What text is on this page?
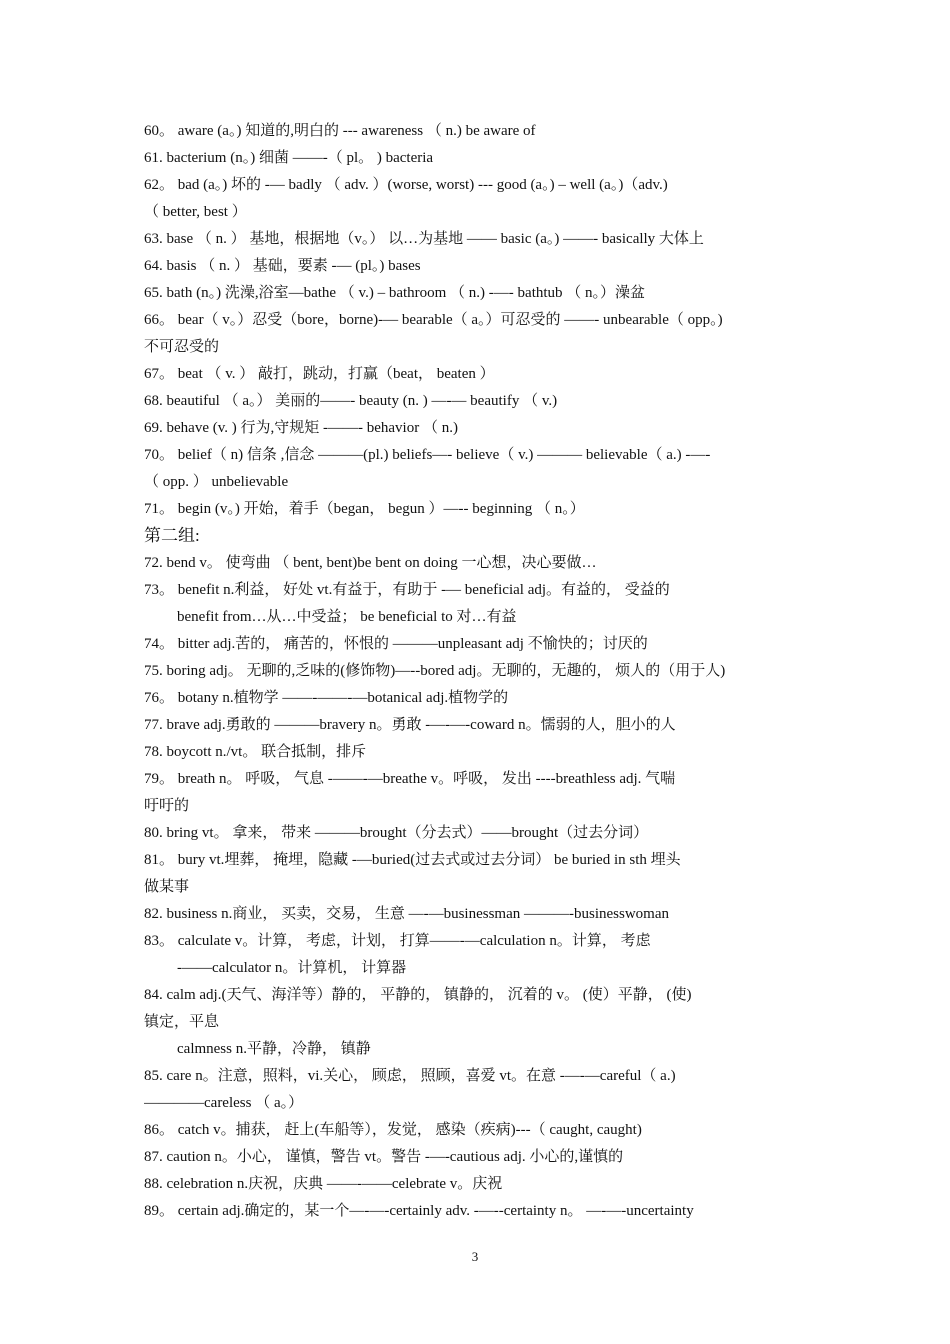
60。 aware (a。) 知道的,明白的 --- awareness （ n.) be aware of
61. bacterium (n。) 细菌 ——-（ pl。 ) bacteria
62。 bad (a。) 坏的 -— badly （ adv. ）(worse, worst) --- good (a。) – well (a。)（adv.)
（ better, best ）
63. base （ n. ） 基地，根据地（v。） 以…为基地 —— basic (a。) ——- basically 大体上
64. basis （ n. ） 基础，要素 -— (pl。) bases
65. bath (n。) 洗澡,浴室—bathe （ v.) – bathroom （ n.) -—- bathtub （ n。）澡盆
66。 bear（ v。）忍受（bore，borne)-— bearable（ a。）可忍受的 ——- unbearable（ opp。)
不可忍受的
67。 beat （ v. ） 敲打，跳动，打赢（beat， beaten ）
68. beautiful （ a。） 美丽的——- beauty (n. ) —-— beautify （ v.)
69. behave (v. ) 行为,守规矩 -——- behavior （ n.)
70。 belief（ n) 信条 ,信念 ———(pl.) beliefs—- believe（ v.) ——— believable（ a.) -—-
（ opp. ） unbelievable
71。 begin (v。) 开始，着手（began， begun ）—-- beginning （ n。）
第二组:
72. bend v。 使弯曲 （ bent, bent)be bent on doing 一心想，决心要做…
73。 benefit n.利益， 好处 vt.有益于，有助于 -— beneficial adj。有益的， 受益的
benefit from…从…中受益； be beneficial to 对…有益
74。 bitter adj.苦的， 痛苦的，怀恨的 ———unpleasant adj 不愉快的；讨厌的
75. boring adj。 无聊的,乏味的(修饰物)—--bored adj。无聊的，无趣的， 烦人的（用于人)
76。 botany n.植物学 ——-——-—botanical adj.植物学的
77. brave adj.勇敢的 ———bravery n。勇敢 -—-—-coward n。懦弱的人，胆小的人
78. boycott n./vt。 联合抵制，排斥
79。 breath n。 呼吸， 气息 -——-—breathe v。呼吸， 发出 ----breathless adj. 气喘
吁吁的
80. bring vt。 拿来， 带来 ———brought（分去式）——brought（过去分词）
81。 bury vt.埋葬， 掩埋，隐藏 -—buried(过去式或过去分词） be buried in sth 埋头
做某事
82. business n.商业， 买卖，交易， 生意 —-—businessman ———-businesswoman
83。 calculate v。计算， 考虑，计划， 打算——-—calculation n。计算， 考虑
-——calculator n。计算机， 计算器
84. calm adj.(天气、海洋等）静的， 平静的， 镇静的， 沉着的 v。 (使）平静， (使)
镇定，平息
calmness n.平静，冷静， 镇静
85. care n。注意，照料，vi.关心， 顾虑， 照顾，喜爱 vt。在意 -—-—careful（ a.)
————careless （ a。）
86。 catch v。捕获， 赶上(车船等），发觉， 感染（疾病)---（ caught, caught)
87. caution n。小心， 谨慎，警告 vt。警告 -—-cautious adj. 小心的,谨慎的
88. celebration n.庆祝，庆典 ——-——celebrate v。庆祝
89。 certain adj.确定的，某一个—-—-certainly adv. -—--certainty n。 —-—-uncertainty
3
